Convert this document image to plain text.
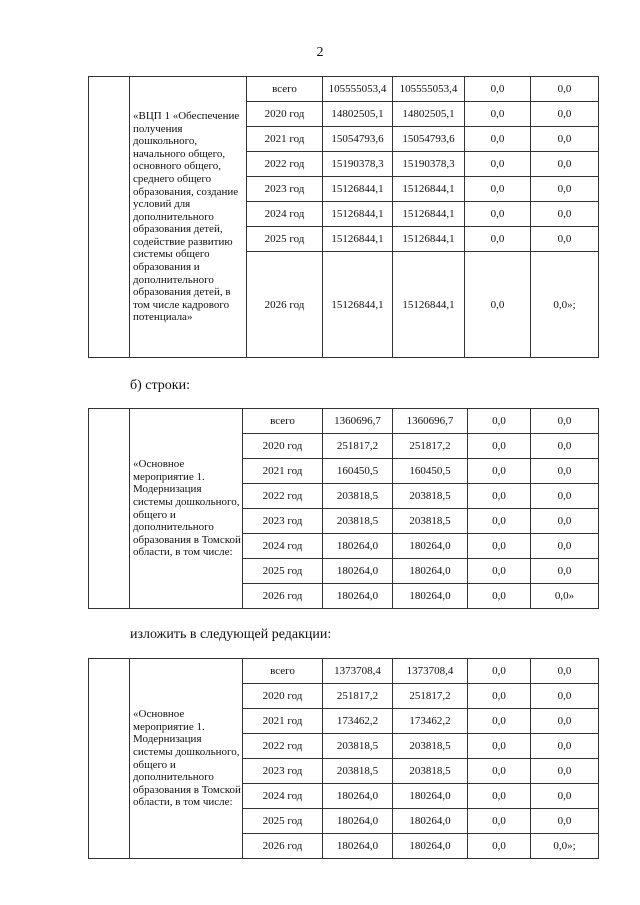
2
	«ВЦП 1 «Обеспечение получения дошкольного, начального общего, основного общего, среднего общего образования, создание условий для дополнительного образования детей, содействие развитию системы общего образования и дополнительного образования детей, в том числе кадрового потенциала»	всего	105555053,4	105555053,4	0,0	0,0
		2020 год	14802505,1	14802505,1	0,0	0,0
		2021 год	15054793,6	15054793,6	0,0	0,0
		2022 год	15190378,3	15190378,3	0,0	0,0
		2023 год	15126844,1	15126844,1	0,0	0,0
		2024 год	15126844,1	15126844,1	0,0	0,0
		2025 год	15126844,1	15126844,1	0,0	0,0
		2026 год	15126844,1	15126844,1	0,0	0,0»;
б) строки:
	«Основное мероприятие 1. Модернизация системы дошкольного, общего и дополнительного образования в Томской области, в том числе:	всего	1360696,7	1360696,7	0,0	0,0
		2020 год	251817,2	251817,2	0,0	0,0
		2021 год	160450,5	160450,5	0,0	0,0
		2022 год	203818,5	203818,5	0,0	0,0
		2023 год	203818,5	203818,5	0,0	0,0
		2024 год	180264,0	180264,0	0,0	0,0
		2025 год	180264,0	180264,0	0,0	0,0
		2026 год	180264,0	180264,0	0,0	0,0»
изложить в следующей редакции:
	«Основное мероприятие 1. Модернизация системы дошкольного, общего и дополнительного образования в Томской области, в том числе:	всего	1373708,4	1373708,4	0,0	0,0
		2020 год	251817,2	251817,2	0,0	0,0
		2021 год	173462,2	173462,2	0,0	0,0
		2022 год	203818,5	203818,5	0,0	0,0
		2023 год	203818,5	203818,5	0,0	0,0
		2024 год	180264,0	180264,0	0,0	0,0
		2025 год	180264,0	180264,0	0,0	0,0
		2026 год	180264,0	180264,0	0,0	0,0»;
